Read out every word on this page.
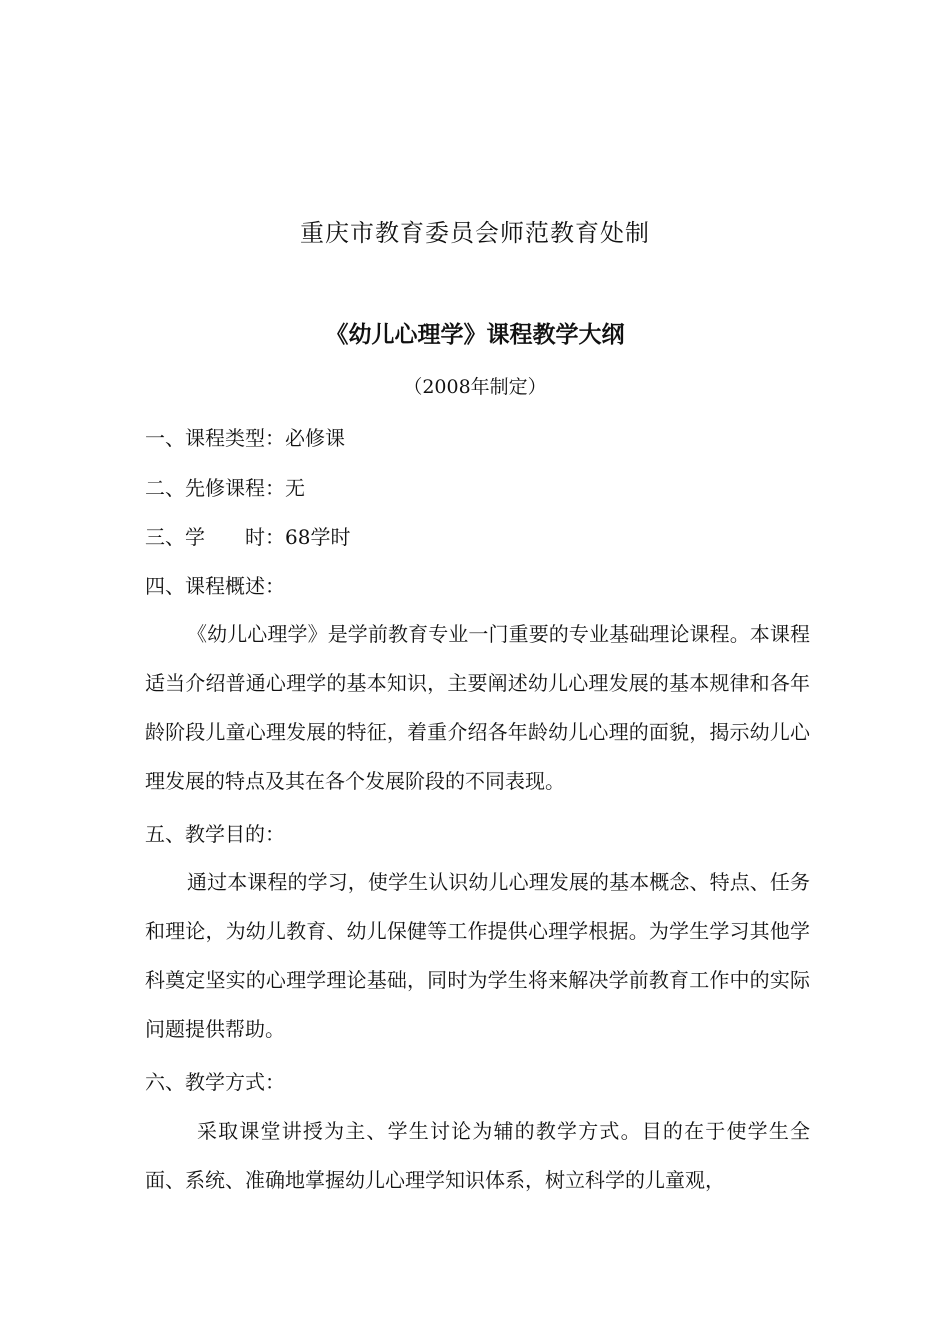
重庆市教育委员会师范教育处制
《幼儿心理学》课程教学大纲
（2008年制定）
一、课程类型：必修课
二、先修课程：无
三、学　　时：68学时
四、课程概述：
《幼儿心理学》是学前教育专业一门重要的专业基础理论课程。本课程适当介绍普通心理学的基本知识，主要阐述幼儿心理发展的基本规律和各年龄阶段儿童心理发展的特征，着重介绍各年龄幼儿心理的面貌，揭示幼儿心理发展的特点及其在各个发展阶段的不同表现。
五、教学目的：
通过本课程的学习，使学生认识幼儿心理发展的基本概念、特点、任务和理论，为幼儿教育、幼儿保健等工作提供心理学根据。为学生学习其他学科奠定坚实的心理学理论基础，同时为学生将来解决学前教育工作中的实际问题提供帮助。
六、教学方式：
采取课堂讲授为主、学生讨论为辅的教学方式。目的在于使学生全面、系统、准确地掌握幼儿心理学知识体系，树立科学的儿童观，
